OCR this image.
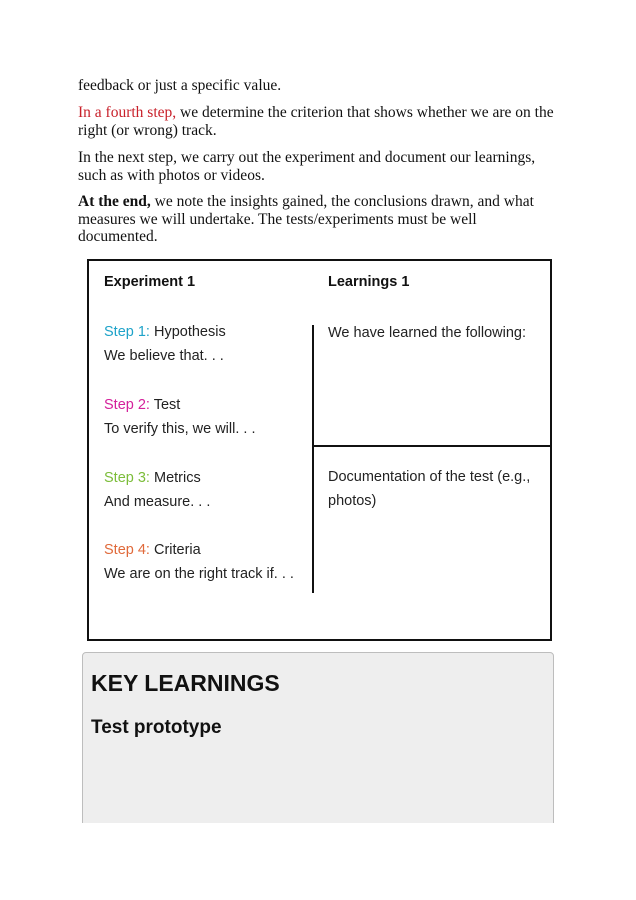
feedback or just a specific value.
In a fourth step, we determine the criterion that shows whether we are on the right (or wrong) track.
In the next step, we carry out the experiment and document our learnings, such as with photos or videos.
At the end, we note the insights gained, the conclusions drawn, and what measures we will undertake. The tests/experiments must be well documented.
Experiment 1	Learnings 1
Step 1: Hypothesis
We believe that. . .
Step 2: Test
To verify this, we will. . .
Step 3: Metrics
And measure. . .
Step 4: Criteria
We are on the right track if. . .
We have learned the following:
Documentation of the test (e.g., photos)
KEY LEARNINGS
Test prototype
